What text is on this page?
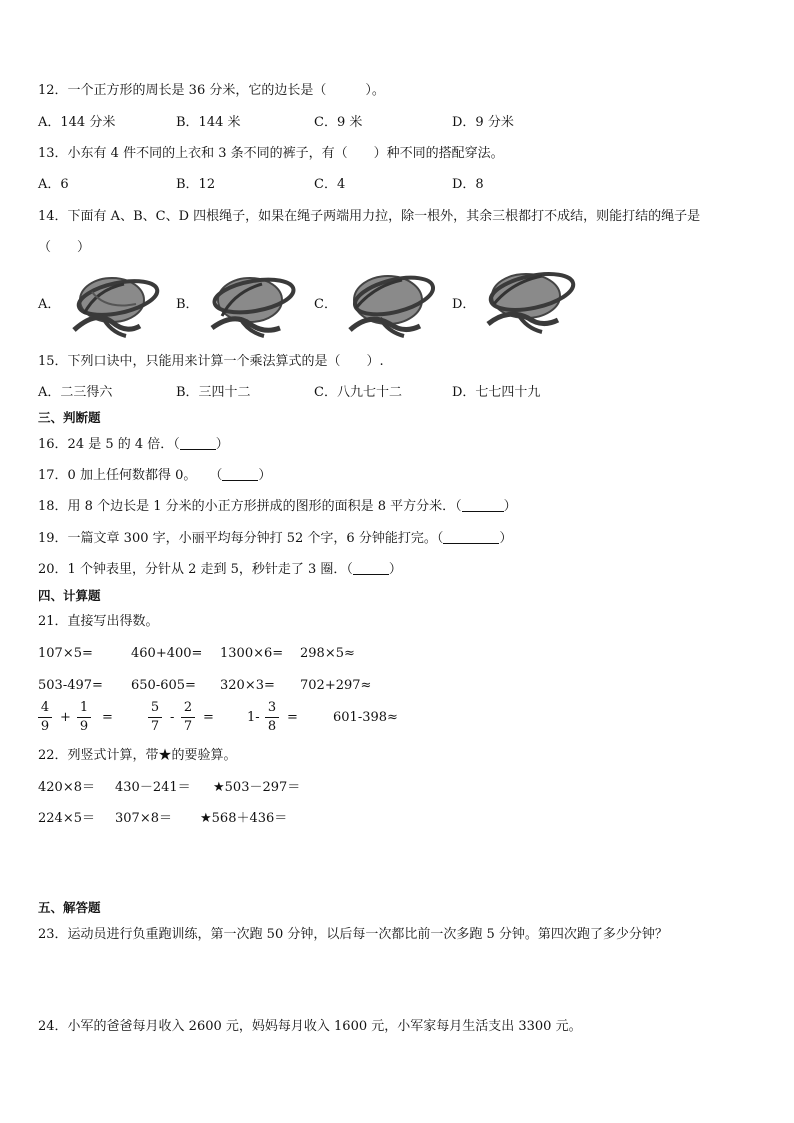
12．一个正方形的周长是 36 分米，它的边长是（　　　）。
A．144 分米	B．144 米	C．9 米	D．9 分米
13．小东有 4 件不同的上衣和 3 条不同的裤子，有（　　）种不同的搭配穿法。
A．6	B．12	C．4	D．8
14．下面有 A、B、C、D 四根绳子，如果在绳子两端用力拉，除一根外，其余三根都打不成结，则能打结的绳子是
（　　）
A．	B．	C．	D．
15．下列口诀中，只能用来计算一个乘法算式的是（　　）.
A．二三得六	B．三四十二	C．八九七十二	D．七七四十九
三、判断题
16．24 是 5 的 4 倍．（	）
17．0 加上任何数都得 0。　　（	）
18．用 8 个边长是 1 分米的小正方形拼成的图形的面积是 8 平方分米．（	）
19．一篇文章 300 字，小丽平均每分钟打 52 个字，6 分钟能打完。（	）
20．1 个钟表里，分针从 2 走到 5，秒针走了 3 圈．（	）
四、计算题
21．直接写出得数。
107×5=	460+400= 1300×6= 298×5≈
503-497= 650-605= 320×3= 702+297≈
4
9
+
1
9
=
5
7
-
2
7
=	1-
3
8
=	601-398≈
22．列竖式计算，带★的要验算。
420×8＝ 430－241＝ ★503－297＝
224×5＝ 307×8＝ ★568＋436＝
五、解答题
23．运动员进行负重跑训练，第一次跑 50 分钟，以后每一次都比前一次多跑 5 分钟。第四次跑了多少分钟？
24．小军的爸爸每月收入 2600 元，妈妈每月收入 1600 元，小军家每月生活支出 3300 元。
